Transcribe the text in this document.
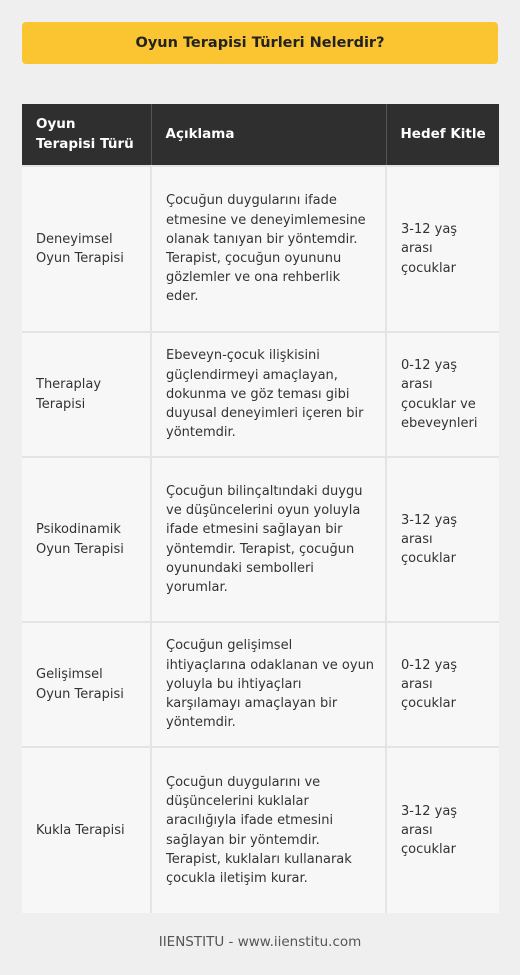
Oyun Terapisi Türleri Nelerdir?
Oyun Terapisi Türü	Açıklama	Hedef Kitle
Deneyimsel Oyun Terapisi	Çocuğun duygularını ifade etmesine ve deneyimlemesine olanak tanıyan bir yöntemdir. Terapist, çocuğun oyununu gözlemler ve ona rehberlik eder.	3-12 yaş arası çocuklar
Theraplay Terapisi	Ebeveyn-çocuk ilişkisini güçlendirmeyi amaçlayan, dokunma ve göz teması gibi duyusal deneyimleri içeren bir yöntemdir.	0-12 yaş arası çocuklar ve ebeveynleri
Psikodinamik Oyun Terapisi	Çocuğun bilinçaltındaki duygu ve düşüncelerini oyun yoluyla ifade etmesini sağlayan bir yöntemdir. Terapist, çocuğun oyunundaki sembolleri yorumlar.	3-12 yaş arası çocuklar
Gelişimsel Oyun Terapisi	Çocuğun gelişimsel ihtiyaçlarına odaklanan ve oyun yoluyla bu ihtiyaçları karşılamayı amaçlayan bir yöntemdir.	0-12 yaş arası çocuklar
Kukla Terapisi	Çocuğun duygularını ve düşüncelerini kuklalar aracılığıyla ifade etmesini sağlayan bir yöntemdir. Terapist, kuklaları kullanarak çocukla iletişim kurar.	3-12 yaş arası çocuklar
IIENSTITU - www.iienstitu.com
